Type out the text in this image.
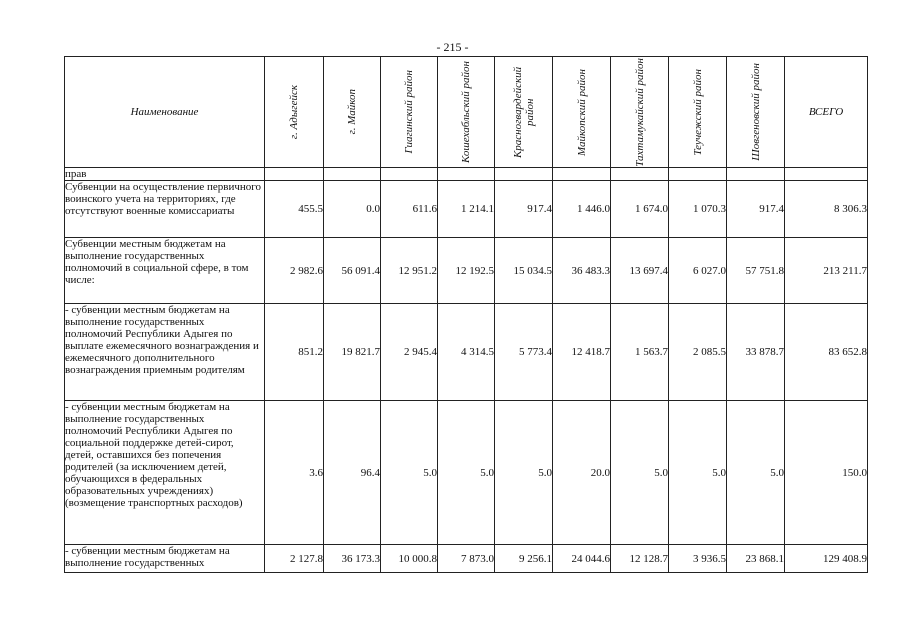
- 215 -
Наименование	г. Адыгейск	г. Майкоп	Гиагинский район	Кошехабльский район	Красногвардейский район	Майкопский район	Тахтамукайский район	Теучежский район	Шовгеновский район	ВСЕГО
прав										
Субвенции на осуществление первичного воинского учета на территориях, где отсутствуют военные комиссариаты	455.5	0.0	611.6	1 214.1	917.4	1 446.0	1 674.0	1 070.3	917.4	8 306.3
Субвенции местным бюджетам на выполнение государственных полномочий в социальной сфере, в том числе:	2 982.6	56 091.4	12 951.2	12 192.5	15 034.5	36 483.3	13 697.4	6 027.0	57 751.8	213 211.7
- субвенции местным бюджетам на выполнение государственных полномочий Республики Адыгея по выплате ежемесячного вознаграждения и ежемесячного дополнительного вознаграждения приемным родителям	851.2	19 821.7	2 945.4	4 314.5	5 773.4	12 418.7	1 563.7	2 085.5	33 878.7	83 652.8
- субвенции местным бюджетам на выполнение государственных полномочий Республики Адыгея по социальной поддержке детей-сирот, детей, оставшихся без попечения родителей (за исключением детей, обучающихся в федеральных образовательных учреждениях) (возмещение транспортных расходов)	3.6	96.4	5.0	5.0	5.0	20.0	5.0	5.0	5.0	150.0
- субвенции местным бюджетам на выполнение государственных	2 127.8	36 173.3	10 000.8	7 873.0	9 256.1	24 044.6	12 128.7	3 936.5	23 868.1	129 408.9
